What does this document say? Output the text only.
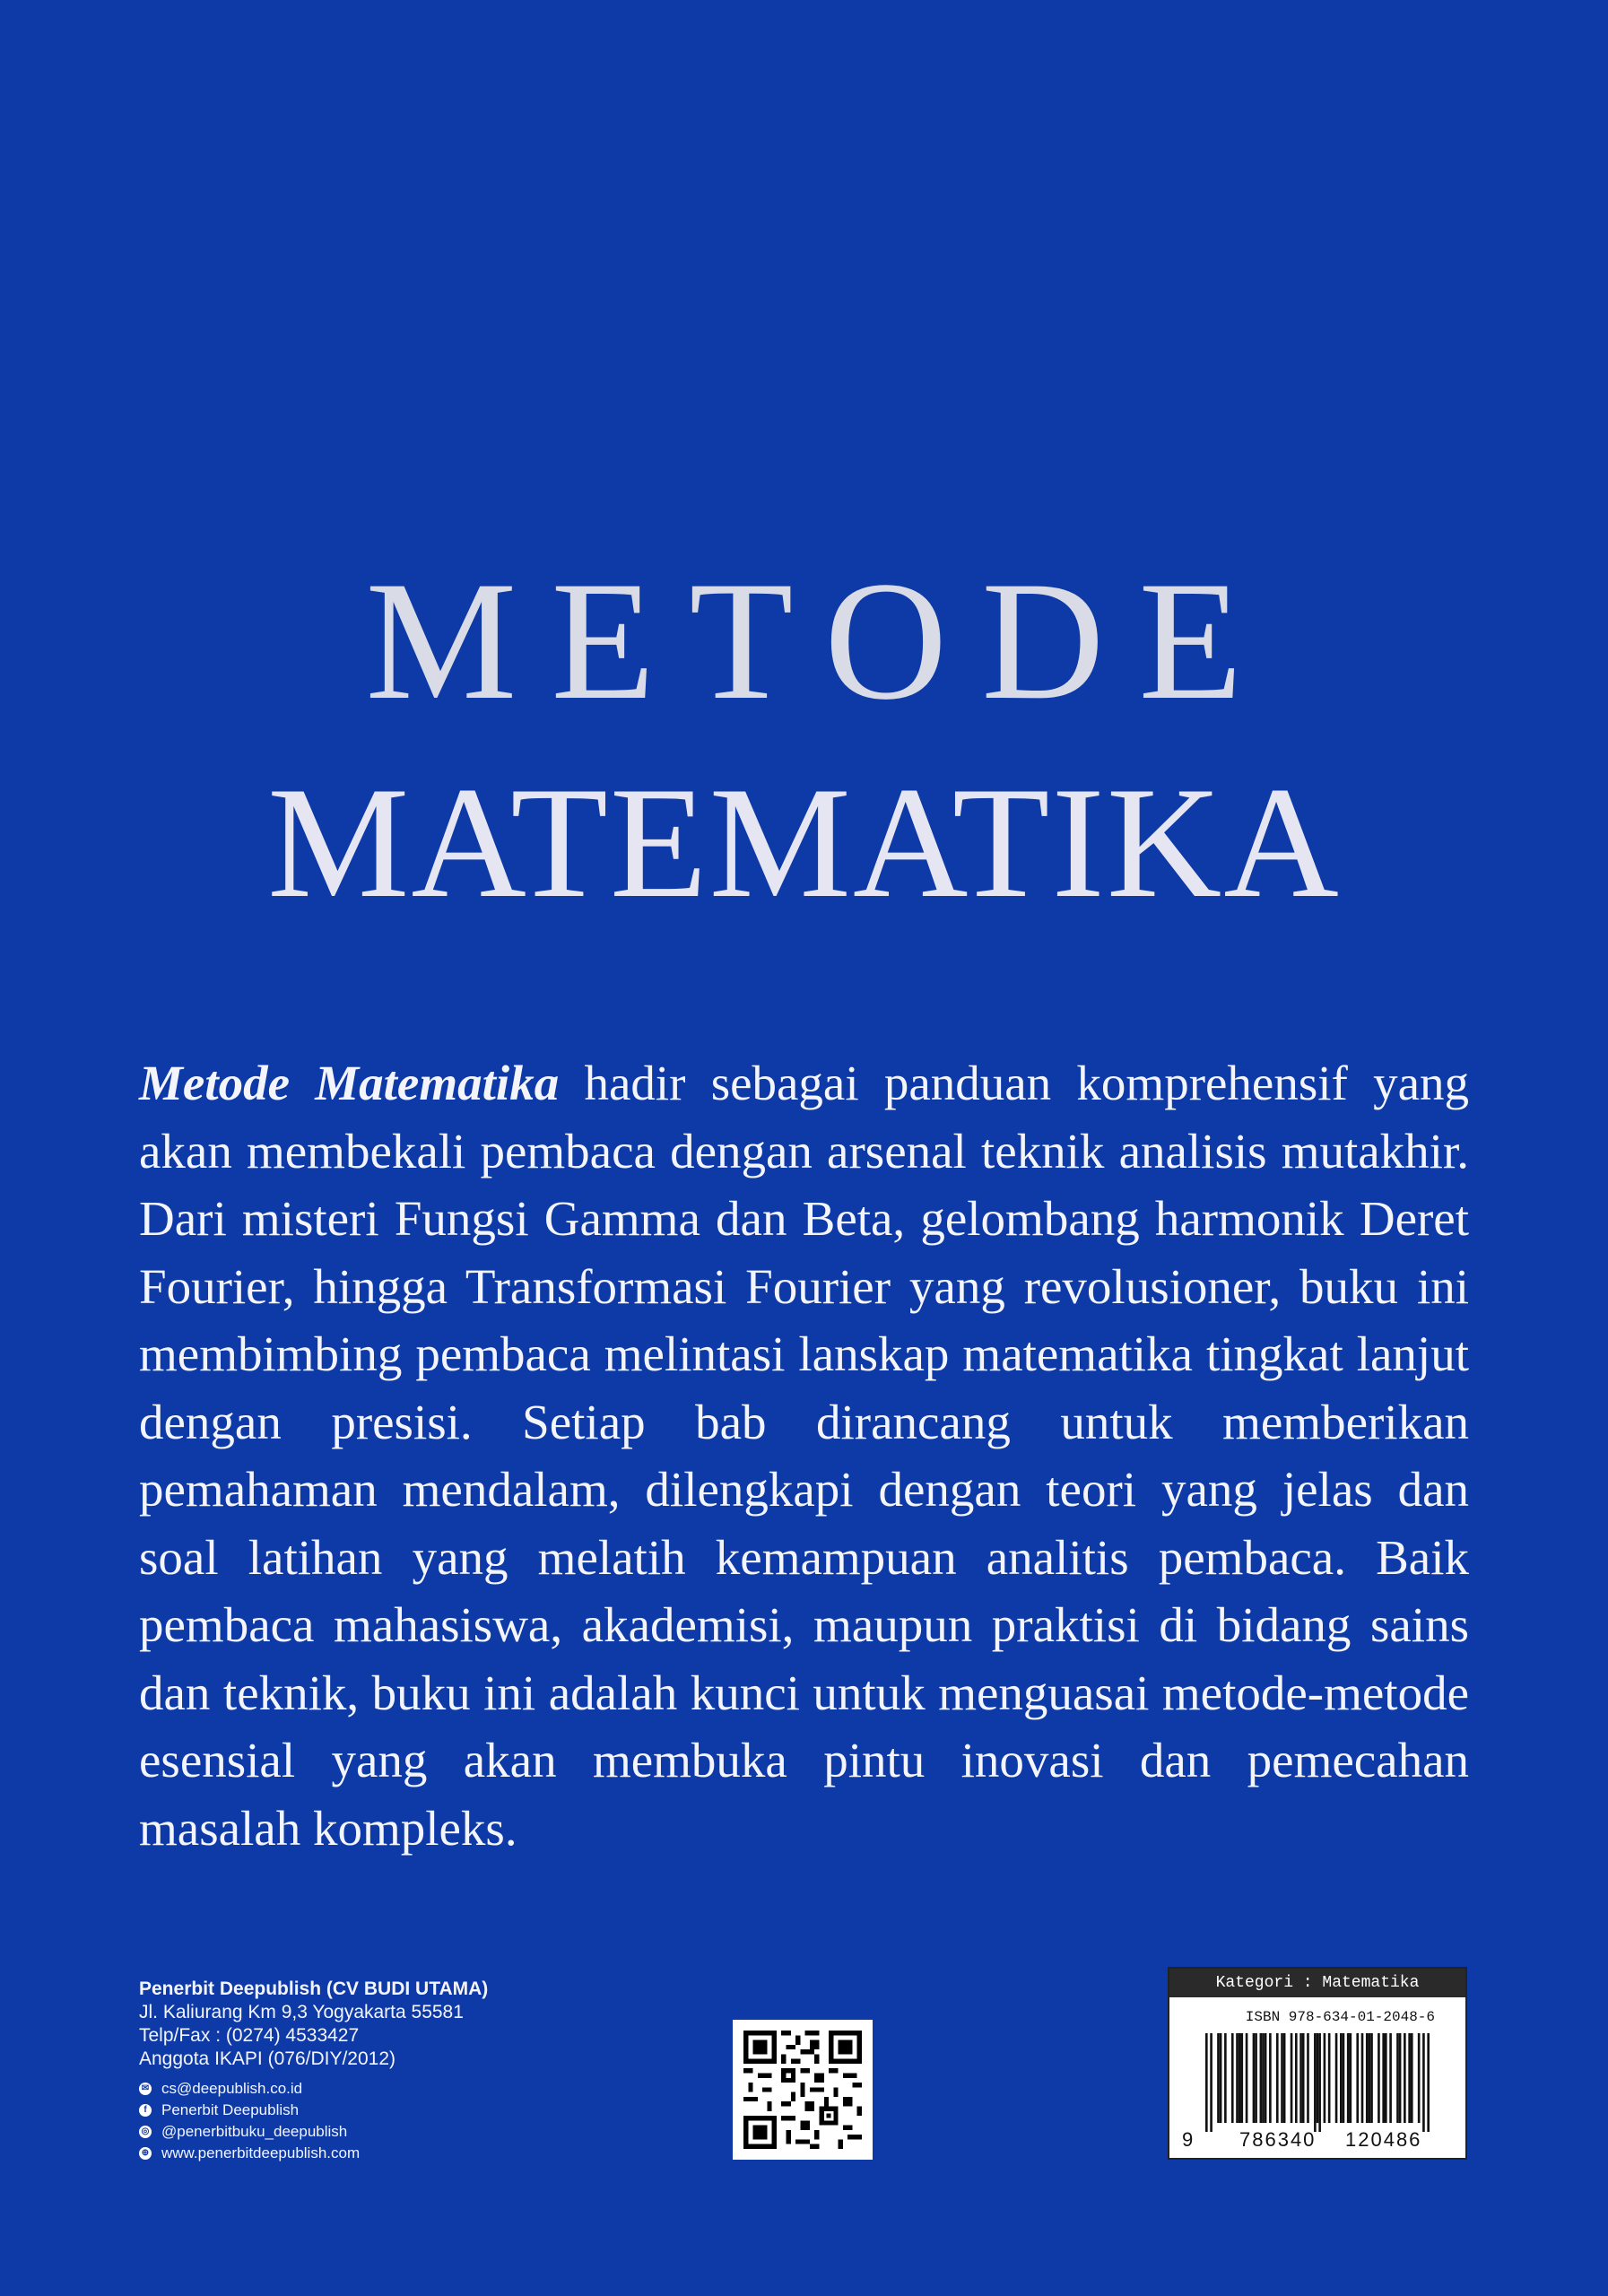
METODE
MATEMATIKA

Metode Matematika hadir sebagai panduan komprehensif yang akan membekali pembaca dengan arsenal teknik analisis mutakhir. Dari misteri Fungsi Gamma dan Beta, gelombang harmonik Deret Fourier, hingga Transformasi Fourier yang revolusioner, buku ini membimbing pembaca melintasi lanskap matematika tingkat lanjut dengan presisi. Setiap bab dirancang untuk memberikan pemahaman mendalam, dilengkapi dengan teori yang jelas dan soal latihan yang melatih kemampuan analitis pembaca. Baik pembaca mahasiswa, akademisi, maupun praktisi di bidang sains dan teknik, buku ini adalah kunci untuk menguasai metode-metode esensial yang akan membuka pintu inovasi dan pemecahan masalah kompleks.

Penerbit Deepublish (CV BUDI UTAMA)
Jl. Kaliurang Km 9,3 Yogyakarta 55581
Telp/Fax : (0274) 4533427
Anggota IKAPI (076/DIY/2012)
✉ cs@deepublish.co.id
f Penerbit Deepublish
◎ @penerbitbuku_deepublish
⊕ www.penerbitdeepublish.com
Kategori : Matematika
ISBN 978-634-01-2048-6
9 786340 120486
